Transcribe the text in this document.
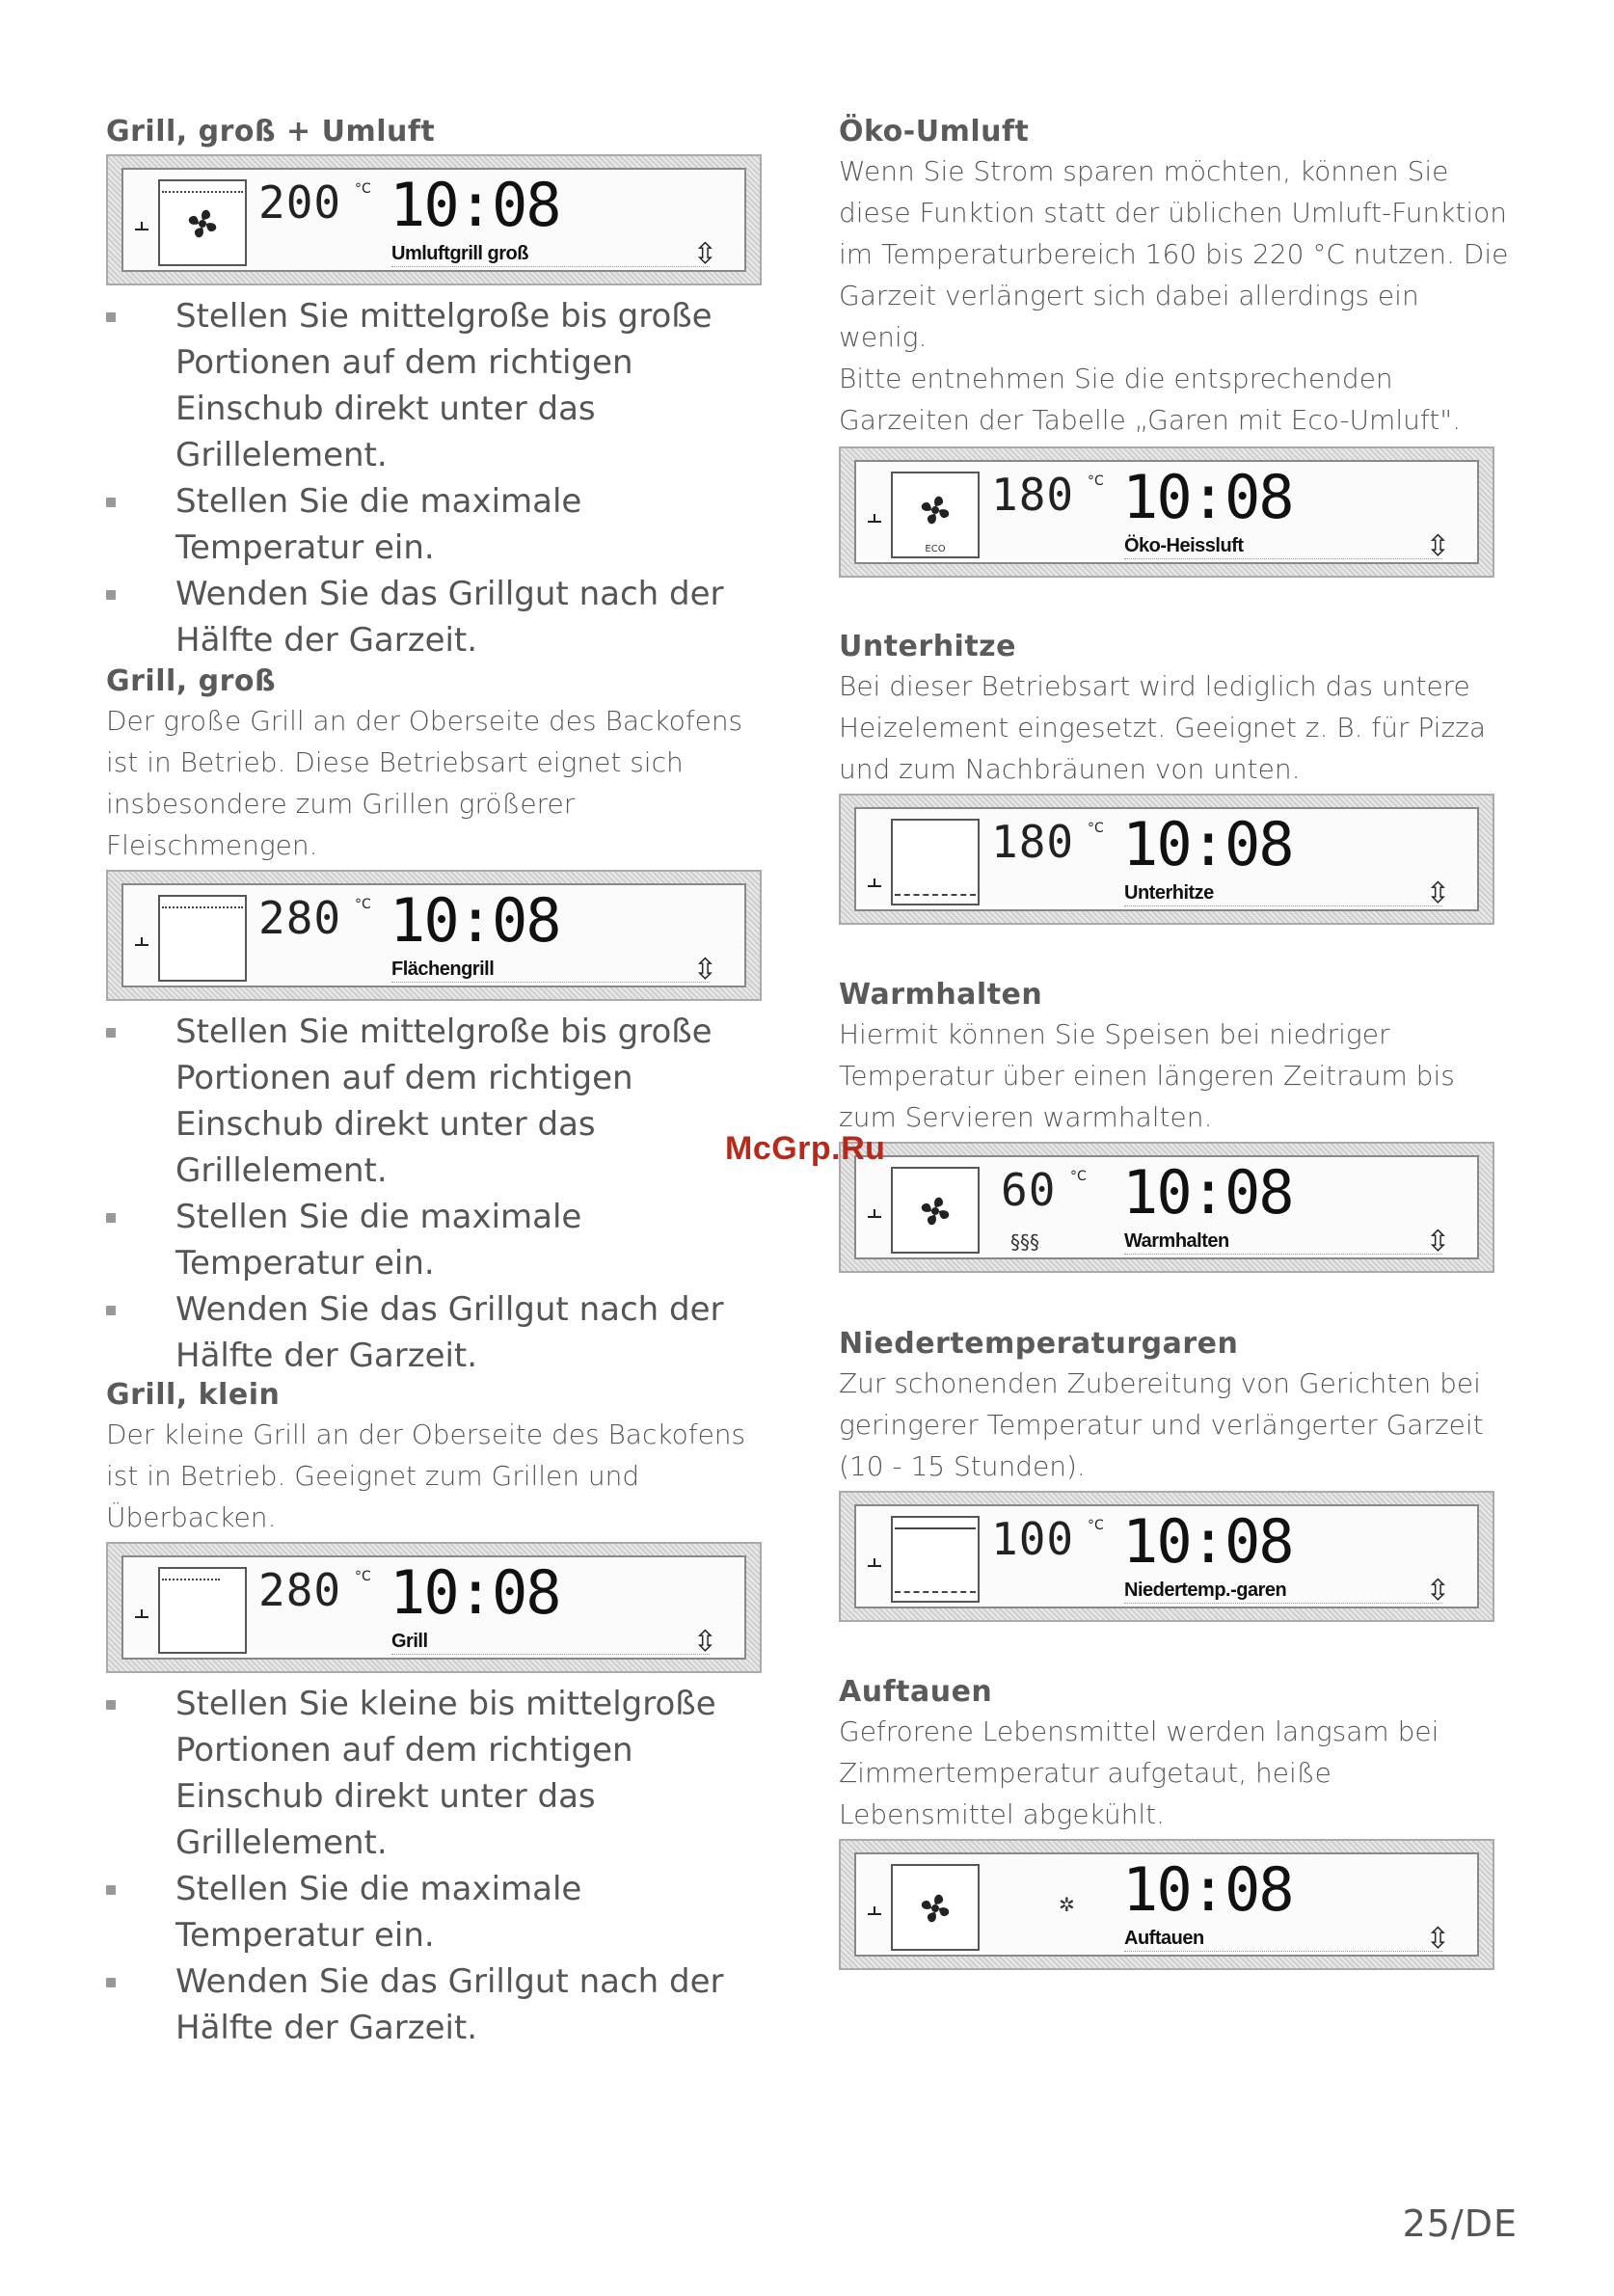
Grill, groß + Umluft
200 °C 10:08
Umluftgrill groß	⇳
Stellen Sie mittelgroße bis große Portionen auf dem richtigen Einschub direkt unter das Grillelement.
Stellen Sie die maximale Temperatur ein.
Wenden Sie das Grillgut nach der Hälfte der Garzeit.
Grill, groß

Der große Grill an der Oberseite des Backofens ist in Betrieb. Diese Betriebsart eignet sich insbesondere zum Grillen größerer Fleischmengen.

280 °C 10:08
Flächengrill	⇳
Stellen Sie mittelgroße bis große Portionen auf dem richtigen Einschub direkt unter das Grillelement.
Stellen Sie die maximale Temperatur ein.
Wenden Sie das Grillgut nach der Hälfte der Garzeit.
Grill, klein

Der kleine Grill an der Oberseite des Backofens ist in Betrieb. Geeignet zum Grillen und Überbacken.

280 °C 10:08
Grill	⇳
Stellen Sie kleine bis mittelgroße Portionen auf dem richtigen Einschub direkt unter das Grillelement.
Stellen Sie die maximale Temperatur ein.
Wenden Sie das Grillgut nach der Hälfte der Garzeit.
Öko-Umluft

Wenn Sie Strom sparen möchten, können Sie diese Funktion statt der üblichen Umluft-Funktion im Temperaturbereich 160 bis 220 °C nutzen. Die Garzeit verlängert sich dabei allerdings ein wenig.

Bitte entnehmen Sie die entsprechenden Garzeiten der Tabelle „Garen mit Eco-Umluft".

ECO
180 °C 10:08
Öko-Heissluft	⇳
Unterhitze

Bei dieser Betriebsart wird lediglich das untere Heizelement eingesetzt. Geeignet z. B. für Pizza und zum Nachbräunen von unten.

180 °C 10:08
Unterhitze	⇳
Warmhalten

Hiermit können Sie Speisen bei niedriger Temperatur über einen längeren Zeitraum bis zum Servieren warmhalten.

60 °C
§§§
10:08
Warmhalten	⇳
Niedertemperaturgaren

Zur schonenden Zubereitung von Gerichten bei geringerer Temperatur und verlängerter Garzeit (10 - 15 Stunden).

100 °C 10:08
Niedertemp.-garen	⇳
Auftauen

Gefrorene Lebensmittel werden langsam bei Zimmertemperatur aufgetaut, heiße Lebensmittel abgekühlt.

✲ 10:08
Auftauen	⇳
McGrp.Ru
25/DE
